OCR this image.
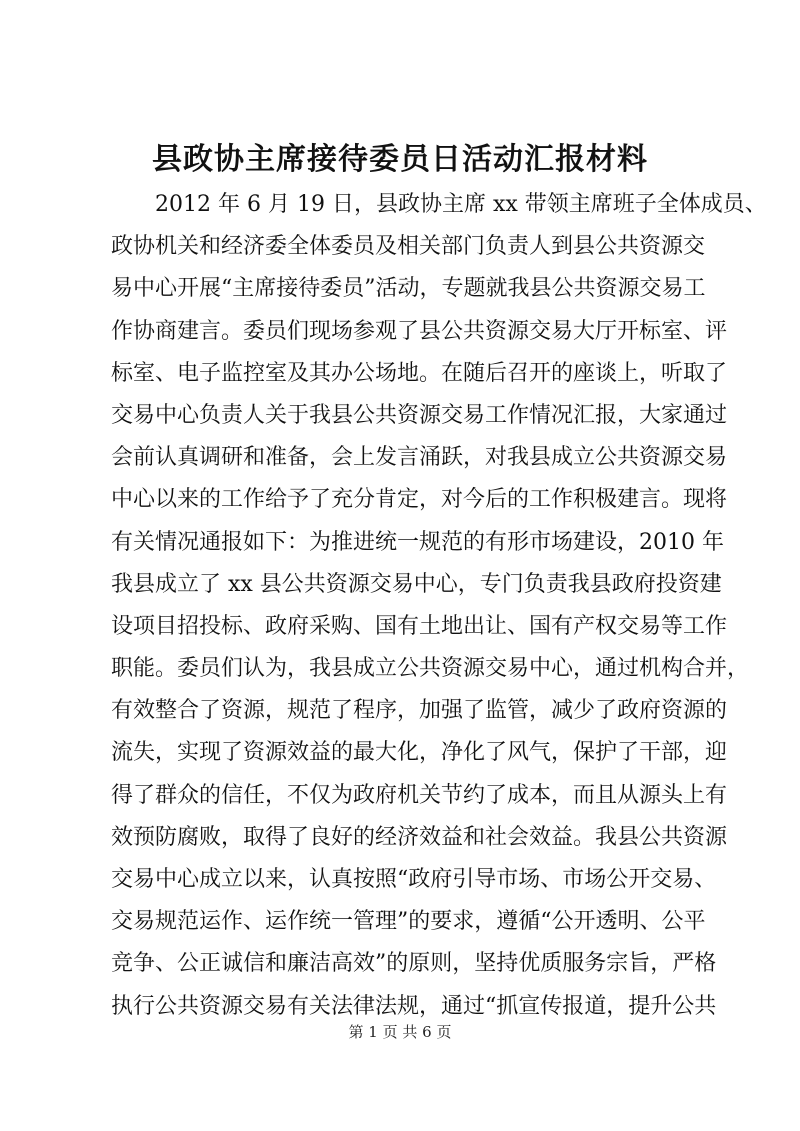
县政协主席接待委员日活动汇报材料
2012 年 6 月 19 日，县政协主席 xx 带领主席班子全体成员、
政协机关和经济委全体委员及相关部门负责人到县公共资源交
易中心开展“主席接待委员”活动，专题就我县公共资源交易工
作协商建言。委员们现场参观了县公共资源交易大厅开标室、评
标室、电子监控室及其办公场地。在随后召开的座谈上，听取了
交易中心负责人关于我县公共资源交易工作情况汇报，大家通过
会前认真调研和准备，会上发言涌跃，对我县成立公共资源交易
中心以来的工作给予了充分肯定，对今后的工作积极建言。现将
有关情况通报如下：为推进统一规范的有形市场建设，2010 年
我县成立了 xx 县公共资源交易中心，专门负责我县政府投资建
设项目招投标、政府采购、国有土地出让、国有产权交易等工作
职能。委员们认为，我县成立公共资源交易中心，通过机构合并，
有效整合了资源，规范了程序，加强了监管，减少了政府资源的
流失，实现了资源效益的最大化，净化了风气，保护了干部，迎
得了群众的信任，不仅为政府机关节约了成本，而且从源头上有
效预防腐败，取得了良好的经济效益和社会效益。我县公共资源
交易中心成立以来，认真按照“政府引导市场、市场公开交易、
交易规范运作、运作统一管理”的要求，遵循“公开透明、公平
竞争、公正诚信和廉洁高效”的原则，坚持优质服务宗旨，严格
执行公共资源交易有关法律法规，通过“抓宣传报道，提升公共
第 1 页 共 6 页
